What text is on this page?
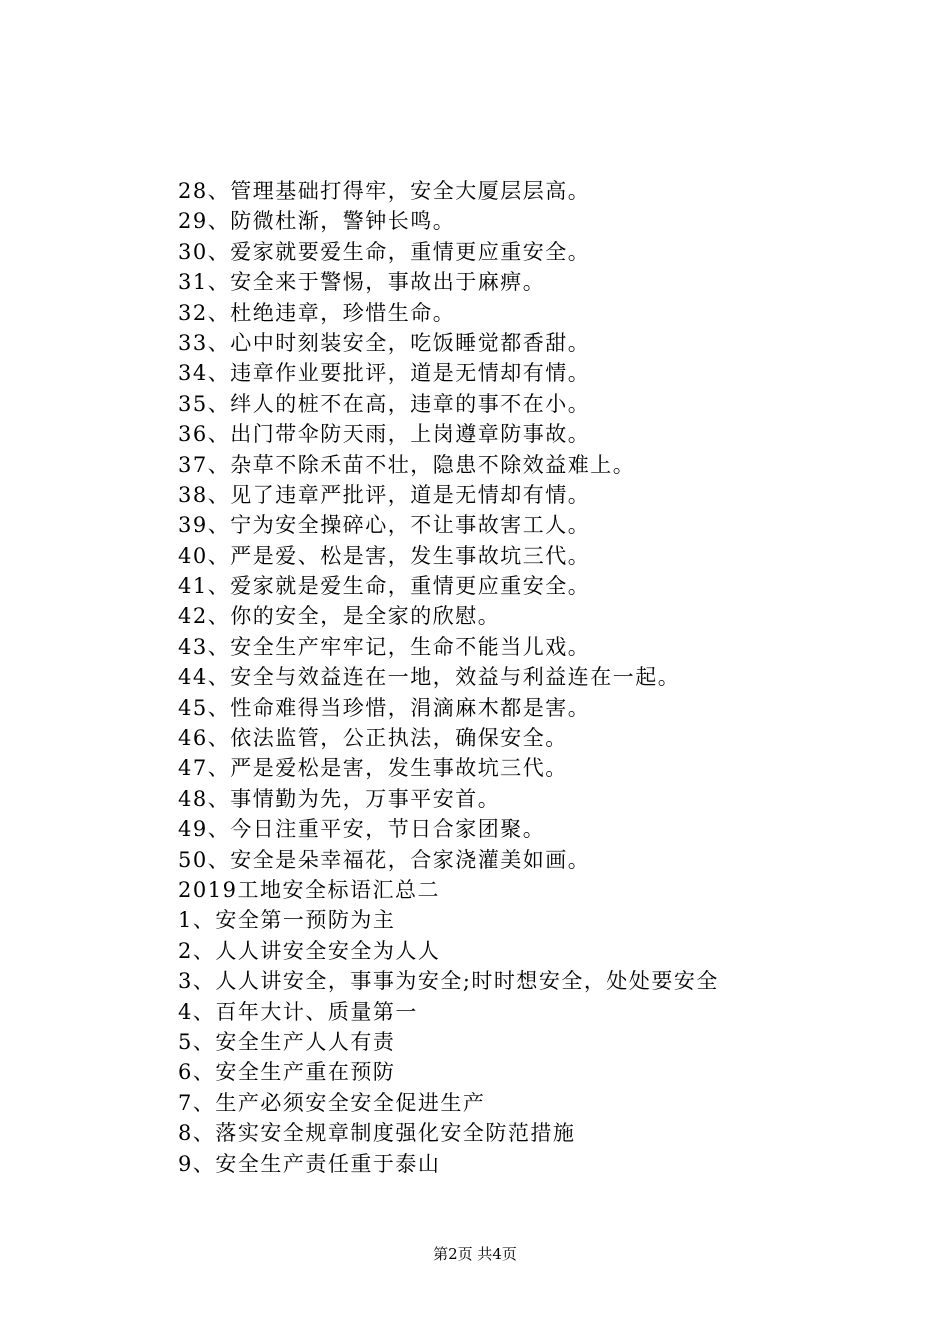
28、管理基础打得牢，安全大厦层层高。
29、防微杜渐，警钟长鸣。
30、爱家就要爱生命，重情更应重安全。
31、安全来于警惕，事故出于麻痹。
32、杜绝违章，珍惜生命。
33、心中时刻装安全，吃饭睡觉都香甜。
34、违章作业要批评，道是无情却有情。
35、绊人的桩不在高，违章的事不在小。
36、出门带伞防天雨，上岗遵章防事故。
37、杂草不除禾苗不壮，隐患不除效益难上。
38、见了违章严批评，道是无情却有情。
39、宁为安全操碎心，不让事故害工人。
40、严是爱、松是害，发生事故坑三代。
41、爱家就是爱生命，重情更应重安全。
42、你的安全，是全家的欣慰。
43、安全生产牢牢记，生命不能当儿戏。
44、安全与效益连在一地，效益与利益连在一起。
45、性命难得当珍惜，涓滴麻木都是害。
46、依法监管，公正执法，确保安全。
47、严是爱松是害，发生事故坑三代。
48、事情勤为先，万事平安首。
49、今日注重平安，节日合家团聚。
50、安全是朵幸福花，合家浇灌美如画。
2019工地安全标语汇总二
1、安全第一预防为主
2、人人讲安全安全为人人
3、人人讲安全，事事为安全;时时想安全，处处要安全
4、百年大计、质量第一
5、安全生产人人有责
6、安全生产重在预防
7、生产必须安全安全促进生产
8、落实安全规章制度强化安全防范措施
9、安全生产责任重于泰山
第2页 共4页
